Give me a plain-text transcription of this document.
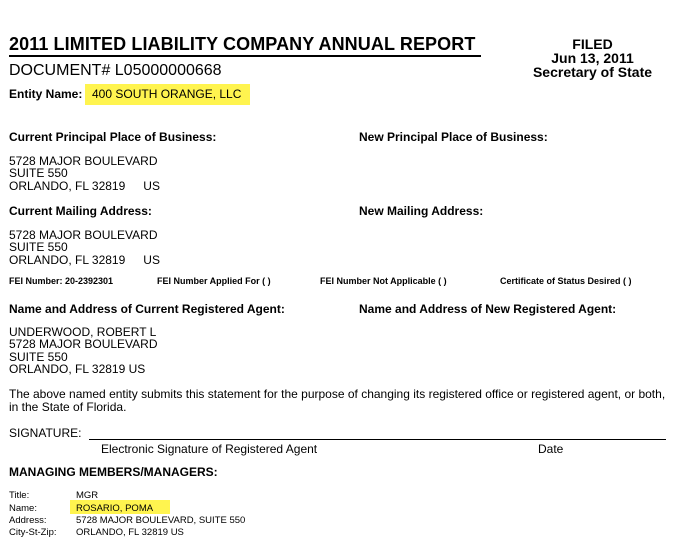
2011 LIMITED LIABILITY COMPANY ANNUAL REPORT
DOCUMENT# L05000000668
FILED
Jun 13, 2011
Secretary of State
Entity Name: 400 SOUTH ORANGE, LLC
Current Principal Place of Business:	New Principal Place of Business:
5728 MAJOR BOULEVARD
SUITE 550
ORLANDO, FL 32819 US
Current Mailing Address:	New Mailing Address:
5728 MAJOR BOULEVARD
SUITE 550
ORLANDO, FL 32819 US
FEI Number: 20-2392301	FEI Number Applied For ( )	FEI Number Not Applicable ( )	Certificate of Status Desired ( )
Name and Address of Current Registered Agent:	Name and Address of New Registered Agent:
UNDERWOOD, ROBERT L
5728 MAJOR BOULEVARD
SUITE 550
ORLANDO, FL 32819 US
The above named entity submits this statement for the purpose of changing its registered office or registered agent, or both,
in the State of Florida.
SIGNATURE:
Electronic Signature of Registered Agent	Date
MANAGING MEMBERS/MANAGERS:
Title:	MGR
Name:	ROSARIO, POMA
Address:	5728 MAJOR BOULEVARD, SUITE 550
City-St-Zip: ORLANDO, FL 32819 US
